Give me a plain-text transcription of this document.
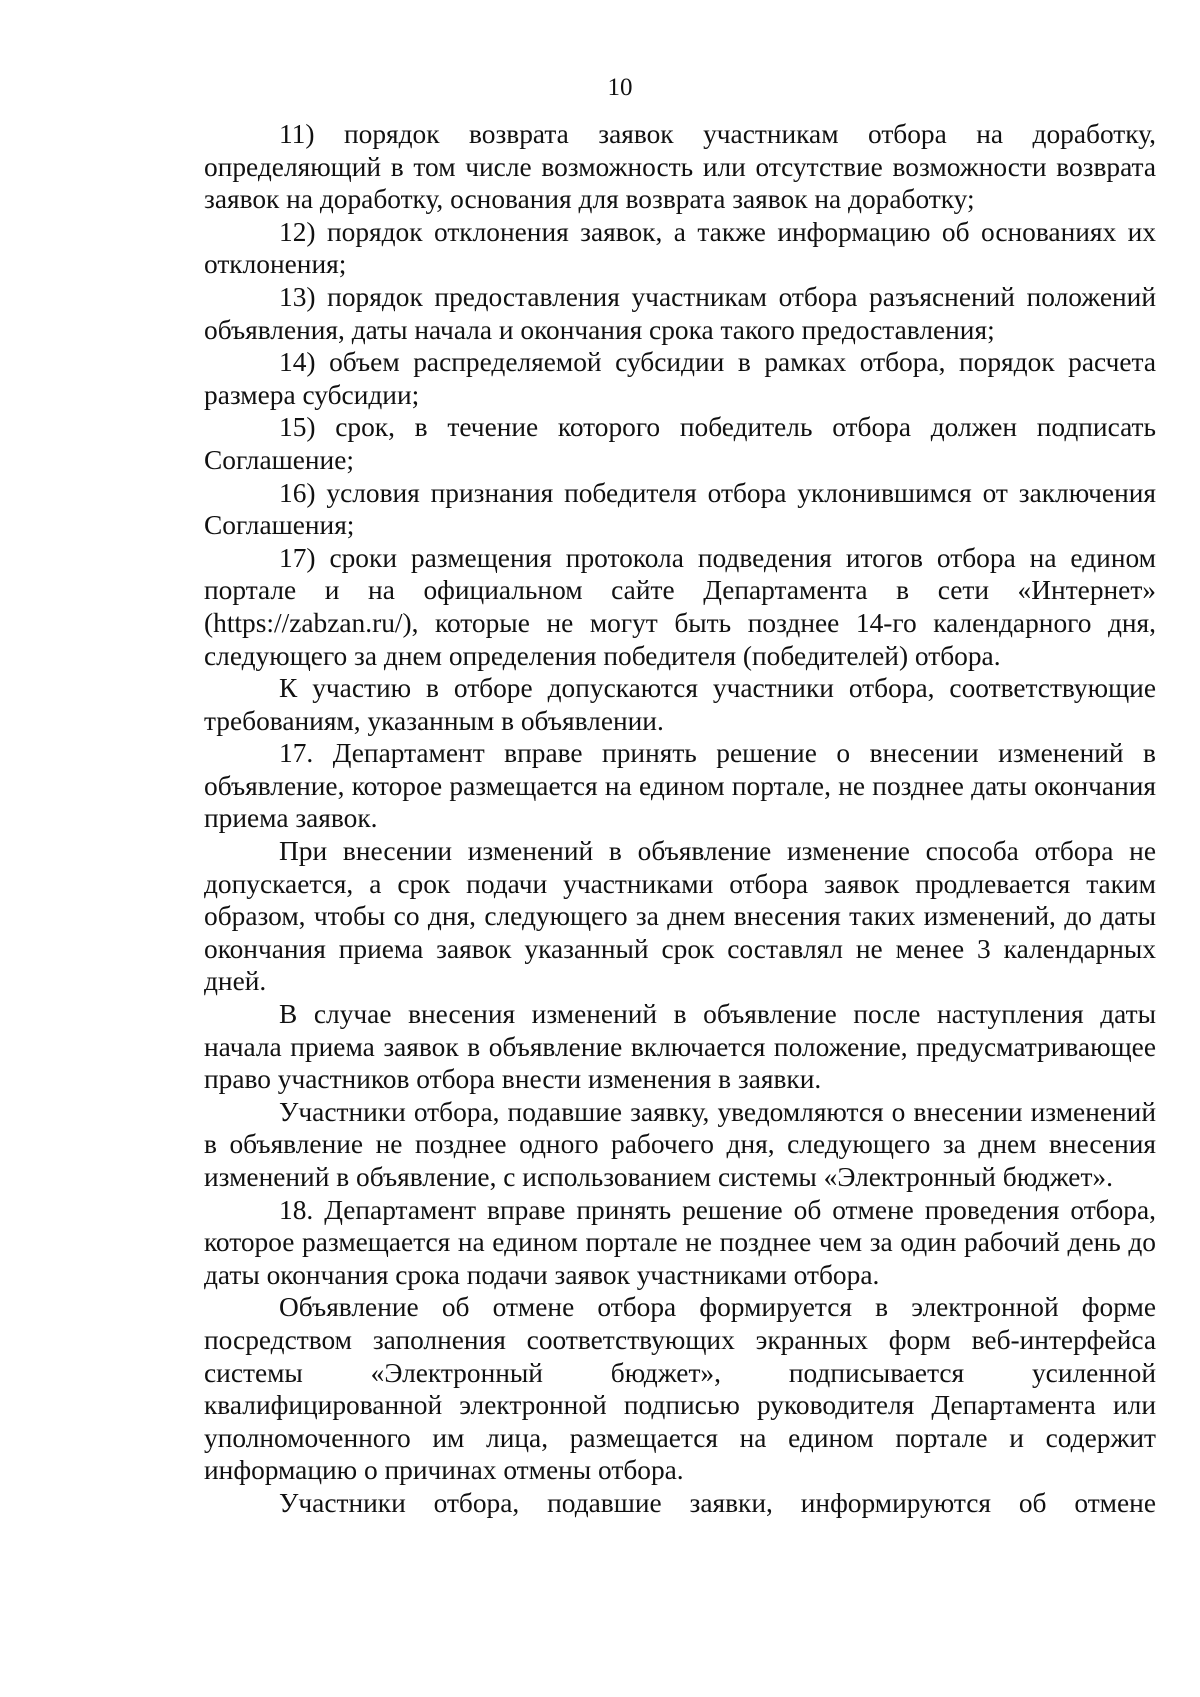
10

11) порядок возврата заявок участникам отбора на доработку, определяющий в том числе возможность или отсутствие возможности возврата заявок на доработку, основания для возврата заявок на доработку;

12) порядок отклонения заявок, а также информацию об основаниях их отклонения;

13) порядок предоставления участникам отбора разъяснений положений объявления, даты начала и окончания срока такого предоставления;

14) объем распределяемой субсидии в рамках отбора, порядок расчета размера субсидии;

15) срок, в течение которого победитель отбора должен подписать Соглашение;

16) условия признания победителя отбора уклонившимся от заключения Соглашения;

17) сроки размещения протокола подведения итогов отбора на едином портале и на официальном сайте Департамента в сети «Интернет» (https://zabzan.ru/), которые не могут быть позднее 14-го календарного дня, следующего за днем определения победителя (победителей) отбора.

К участию в отборе допускаются участники отбора, соответствующие требованиям, указанным в объявлении.

17. Департамент вправе принять решение о внесении изменений в объявление, которое размещается на едином портале, не позднее даты окончания приема заявок.

При внесении изменений в объявление изменение способа отбора не допускается, а срок подачи участниками отбора заявок продлевается таким образом, чтобы со дня, следующего за днем внесения таких изменений, до даты окончания приема заявок указанный срок составлял не менее 3 календарных дней.

В случае внесения изменений в объявление после наступления даты начала приема заявок в объявление включается положение, предусматривающее право участников отбора внести изменения в заявки.

Участники отбора, подавшие заявку, уведомляются о внесении изменений в объявление не позднее одного рабочего дня, следующего за днем внесения изменений в объявление, с использованием системы «Электронный бюджет».

18. Департамент вправе принять решение об отмене проведения отбора, которое размещается на едином портале не позднее чем за один рабочий день до даты окончания срока подачи заявок участниками отбора.

Объявление об отмене отбора формируется в электронной форме посредством заполнения соответствующих экранных форм веб-интерфейса системы «Электронный бюджет», подписывается усиленной квалифицированной электронной подписью руководителя Департамента или уполномоченного им лица, размещается на едином портале и содержит информацию о причинах отмены отбора.

Участники отбора, подавшие заявки, информируются об отмене
